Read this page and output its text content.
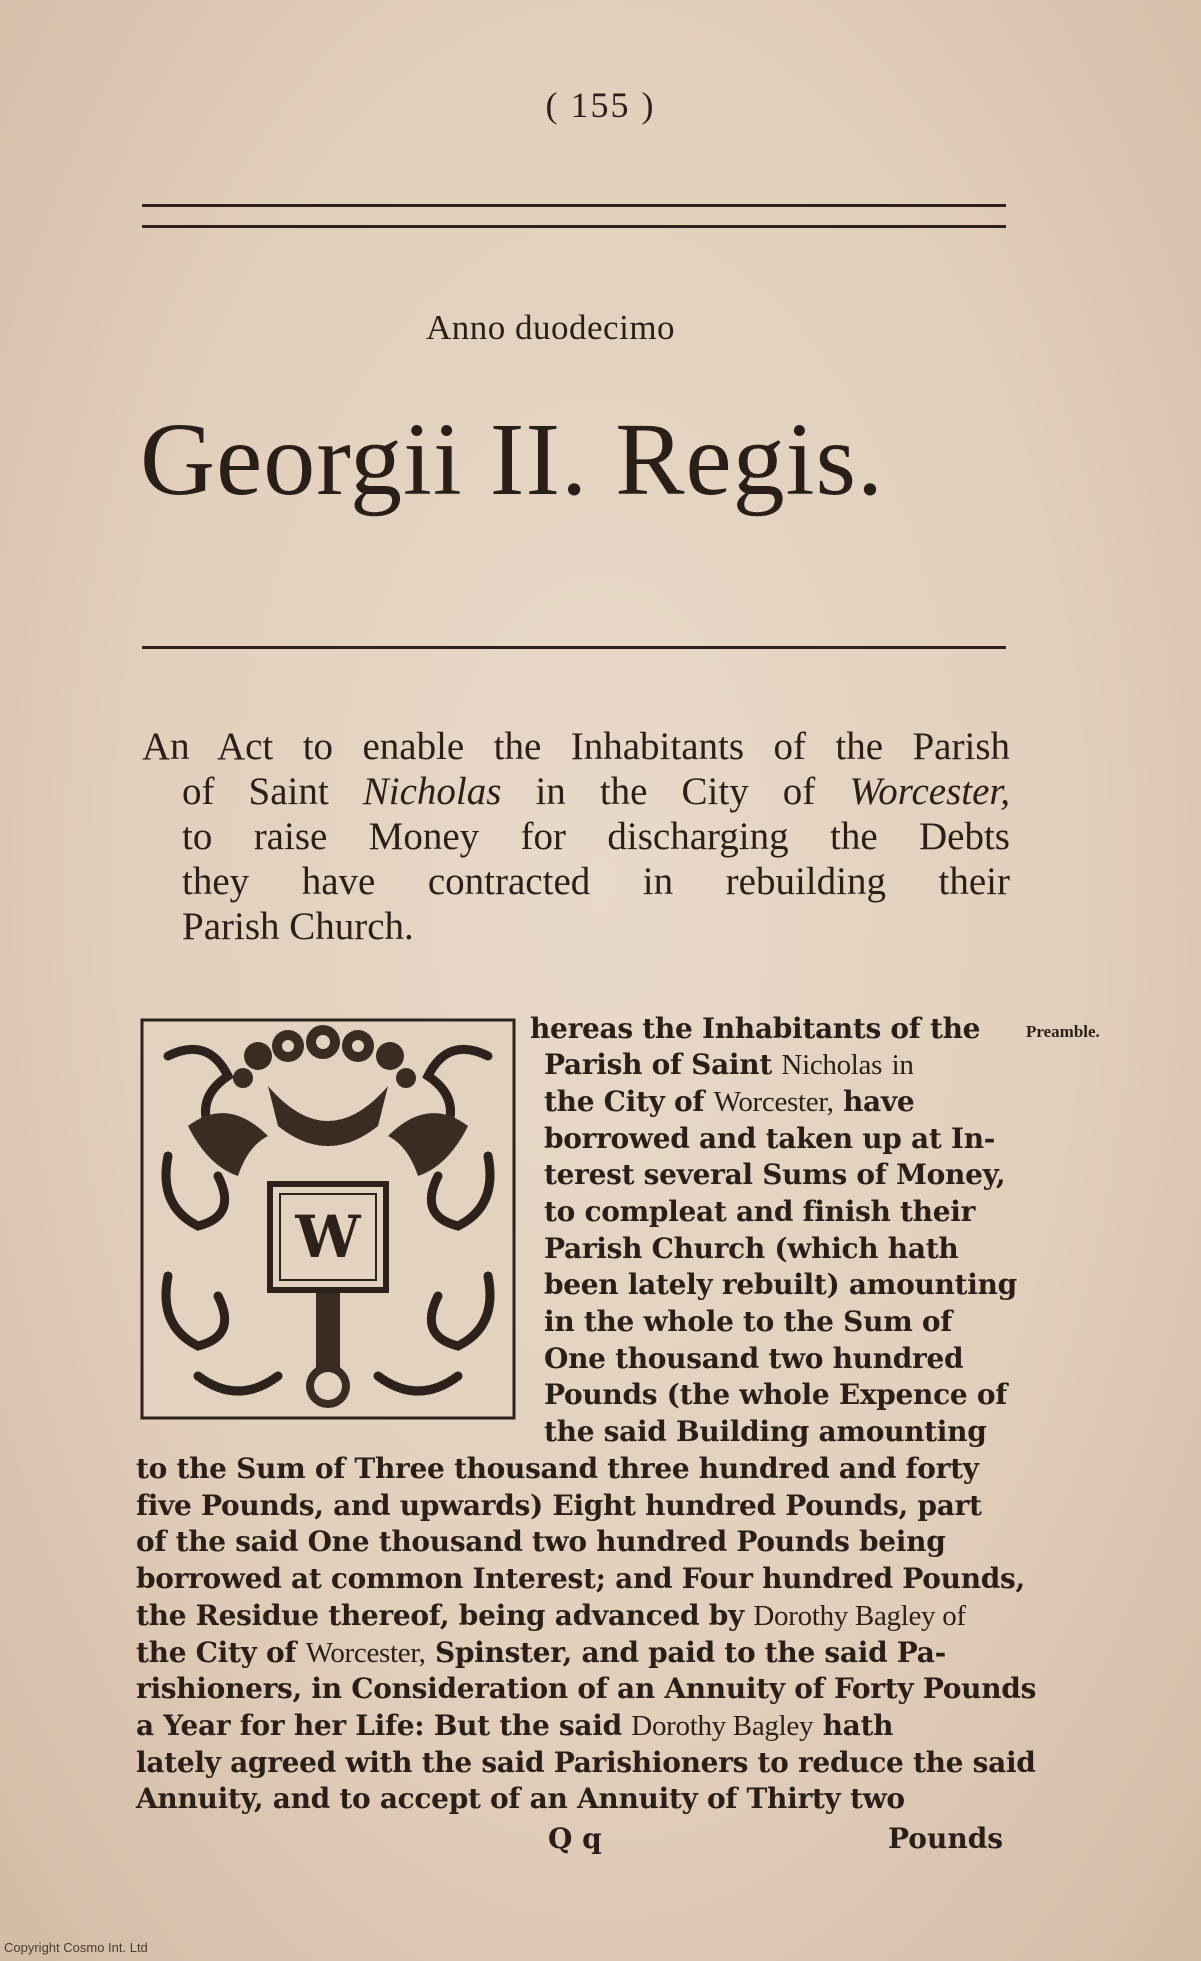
( 155 )
Anno duodecimo
Georgii II. Regis.
An Act to enable the Inhabitants of the Parish
of Saint Nicholas in the City of Worcester,
to raise Money for discharging the Debts
they have contracted in rebuilding their
Parish Church.
W
Preamble.
hereas the Inhabitants of the
Parish of Saint Nicholas in
the City of Worcester, have
borrowed and taken up at In-
terest several Sums of Money,
to compleat and finish their
Parish Church (which hath
been lately rebuilt) amounting
in the whole to the Sum of
One thousand two hundred
Pounds (the whole Expence of
the said Building amounting
to the Sum of Three thousand three hundred and forty
five Pounds, and upwards) Eight hundred Pounds, part
of the said One thousand two hundred Pounds being
borrowed at common Interest; and Four hundred Pounds,
the Residue thereof, being advanced by Dorothy Bagley of
the City of Worcester, Spinster, and paid to the said Pa-
rishioners, in Consideration of an Annuity of Forty Pounds
a Year for her Life: But the said Dorothy Bagley hath
lately agreed with the said Parishioners to reduce the said
Annuity, and to accept of an Annuity of Thirty two
Q q	Pounds
Copyright Cosmo Int. Ltd
